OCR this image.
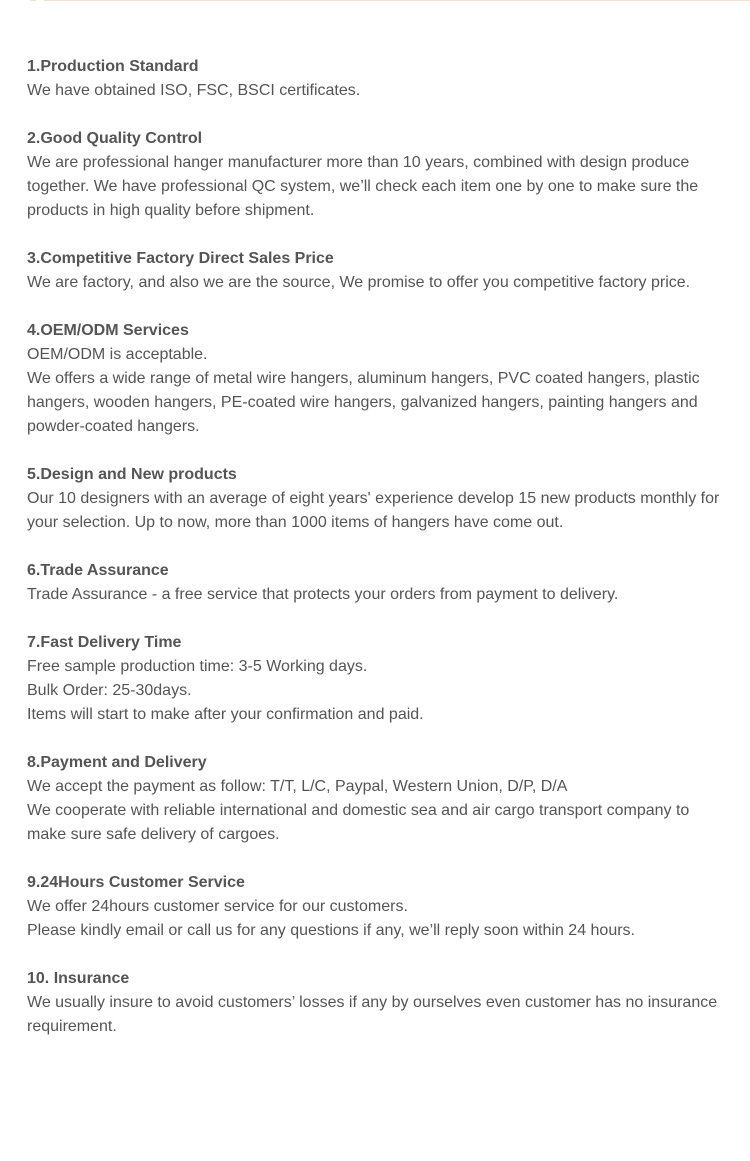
1.Production Standard

We have obtained ISO, FSC, BSCI certificates.

2.Good Quality Control

We are professional hanger manufacturer more than 10 years, combined with design produce together. We have professional QC system, we’ll check each item one by one to make sure the products in high quality before shipment.

3.Competitive Factory Direct Sales Price

We are factory, and also we are the source, We promise to offer you competitive factory price.

4.OEM/ODM Services

OEM/ODM is acceptable.

We offers a wide range of metal wire hangers, aluminum hangers, PVC coated hangers, plastic hangers, wooden hangers, PE-coated wire hangers, galvanized hangers, painting hangers and powder-coated hangers.

5.Design and New products

Our 10 designers with an average of eight years' experience develop 15 new products monthly for your selection. Up to now, more than 1000 items of hangers have come out.

6.Trade Assurance

Trade Assurance - a free service that protects your orders from payment to delivery.

7.Fast Delivery Time

Free sample production time: 3-5 Working days.

Bulk Order: 25-30days.

Items will start to make after your confirmation and paid.

8.Payment and Delivery

We accept the payment as follow: T/T, L/C, Paypal, Western Union, D/P, D/A

We cooperate with reliable international and domestic sea and air cargo transport company to make sure safe delivery of cargoes.

9.24Hours Customer Service

We offer 24hours customer service for our customers.

Please kindly email or call us for any questions if any, we’ll reply soon within 24 hours.

10. Insurance

We usually insure to avoid customers’ losses if any by ourselves even customer has no insurance requirement.
